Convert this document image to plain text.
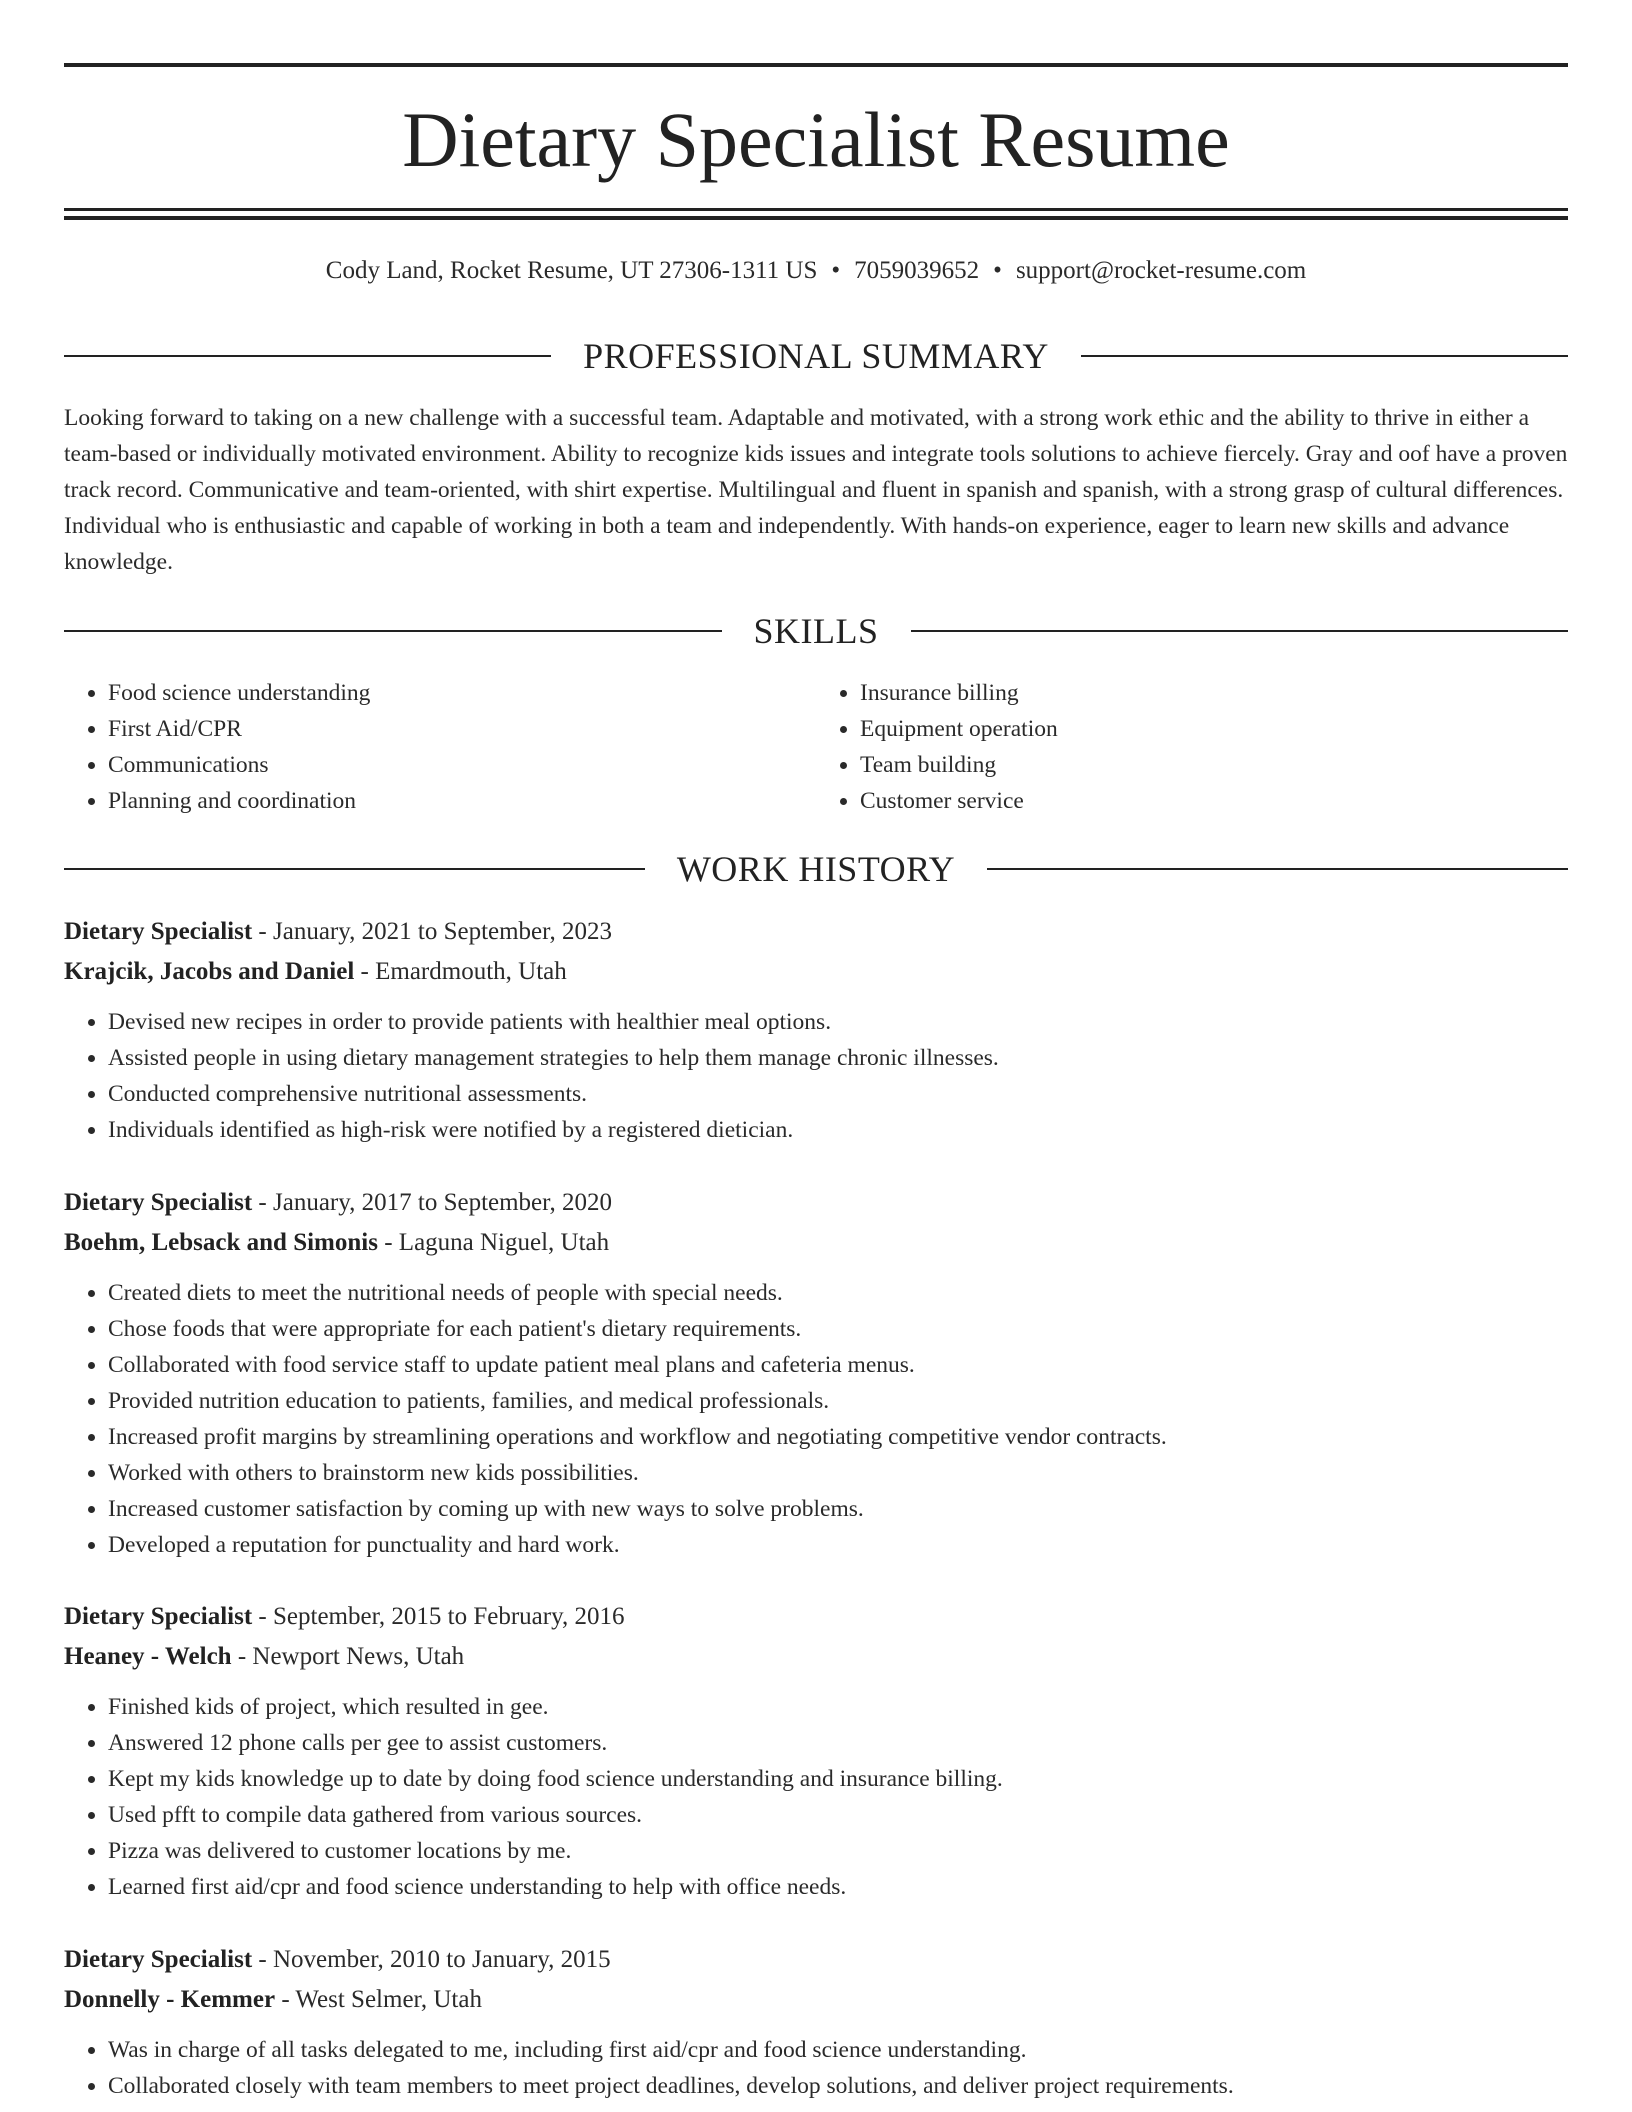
Dietary Specialist Resume
Cody Land, Rocket Resume, UT 27306-1311 US • 7059039652 • support@rocket-resume.com
PROFESSIONAL SUMMARY

Looking forward to taking on a new challenge with a successful team. Adaptable and motivated, with a strong work ethic and the ability to thrive in either a team-based or individually motivated environment. Ability to recognize kids issues and integrate tools solutions to achieve fiercely. Gray and oof have a proven track record. Communicative and team-oriented, with shirt expertise. Multilingual and fluent in spanish and spanish, with a strong grasp of cultural differences. Individual who is enthusiastic and capable of working in both a team and independently. With hands-on experience, eager to learn new skills and advance knowledge.

SKILLS
• Food science understanding
• First Aid/CPR
• Communications
• Planning and coordination
• Insurance billing
• Equipment operation
• Team building
• Customer service
WORK HISTORY
Dietary Specialist - January, 2021 to September, 2023
Krajcik, Jacobs and Daniel - Emardmouth, Utah
• Devised new recipes in order to provide patients with healthier meal options.
• Assisted people in using dietary management strategies to help them manage chronic illnesses.
• Conducted comprehensive nutritional assessments.
• Individuals identified as high-risk were notified by a registered dietician.
Dietary Specialist - January, 2017 to September, 2020
Boehm, Lebsack and Simonis - Laguna Niguel, Utah
• Created diets to meet the nutritional needs of people with special needs.
• Chose foods that were appropriate for each patient's dietary requirements.
• Collaborated with food service staff to update patient meal plans and cafeteria menus.
• Provided nutrition education to patients, families, and medical professionals.
• Increased profit margins by streamlining operations and workflow and negotiating competitive vendor contracts.
• Worked with others to brainstorm new kids possibilities.
• Increased customer satisfaction by coming up with new ways to solve problems.
• Developed a reputation for punctuality and hard work.
Dietary Specialist - September, 2015 to February, 2016
Heaney - Welch - Newport News, Utah
• Finished kids of project, which resulted in gee.
• Answered 12 phone calls per gee to assist customers.
• Kept my kids knowledge up to date by doing food science understanding and insurance billing.
• Used pfft to compile data gathered from various sources.
• Pizza was delivered to customer locations by me.
• Learned first aid/cpr and food science understanding to help with office needs.
Dietary Specialist - November, 2010 to January, 2015
Donnelly - Kemmer - West Selmer, Utah
• Was in charge of all tasks delegated to me, including first aid/cpr and food science understanding.
• Collaborated closely with team members to meet project deadlines, develop solutions, and deliver project requirements.
